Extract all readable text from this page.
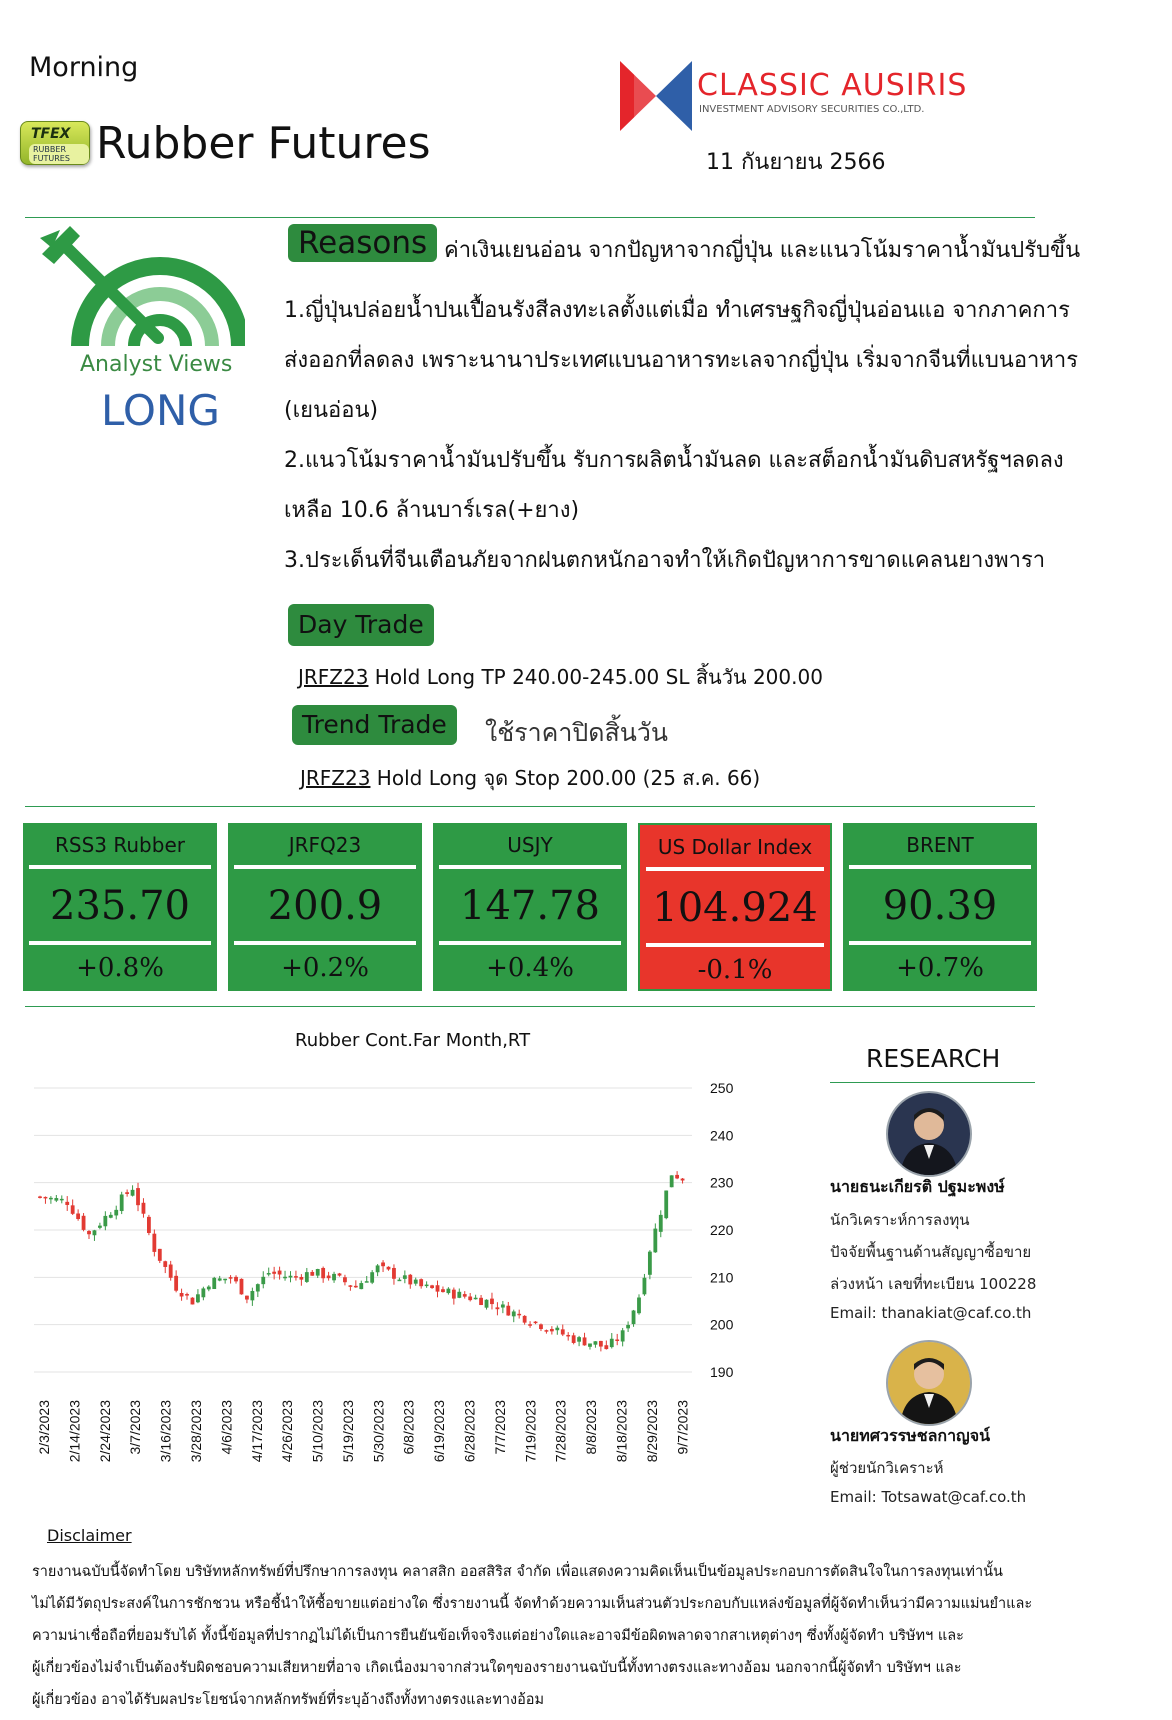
Morning
TFEX
RUBBER FUTURES Rubber Futures
CLASSIC AUSIRIS
INVESTMENT ADVISORY SECURITIES CO.,LTD.
11 กันยายน 2566
Analyst Views
LONG
Reasons ค่าเงินเยนอ่อน จากปัญหาจากญี่ปุ่น และแนวโน้มราคาน้ำมันปรับขึ้น
1.ญี่ปุ่นปล่อยน้ำปนเปื้อนรังสีลงทะเลตั้งแต่เมื่อ ทำเศรษฐกิจญี่ปุ่นอ่อนแอ จากภาคการ
ส่งออกที่ลดลง เพราะนานาประเทศแบนอาหารทะเลจากญี่ปุ่น เริ่มจากจีนที่แบนอาหาร
(เยนอ่อน)
2.แนวโน้มราคาน้ำมันปรับขึ้น รับการผลิตน้ำมันลด และสต็อกน้ำมันดิบสหรัฐฯลดลง
เหลือ 10.6 ล้านบาร์เรล(+ยาง)
3.ประเด็นที่จีนเตือนภัยจากฝนตกหนักอาจทำให้เกิดปัญหาการขาดแคลนยางพารา
Day Trade
JRFZ23 Hold Long TP 240.00-245.00 SL สิ้นวัน 200.00
Trend Trade	ใช้ราคาปิดสิ้นวัน
JRFZ23 Hold Long จุด Stop 200.00 (25 ส.ค. 66)
RSS3 Rubber
235.70
+0.8%
JRFQ23
200.9
+0.2%
USJY
147.78
+0.4%
US Dollar Index
104.924
-0.1%
BRENT
90.39
+0.7%
Rubber Cont.Far Month,RT
250
240
230
220
210
200
190
2/3/2023 2/14/2023 2/24/2023 3/7/2023 3/16/2023 3/28/2023 4/6/2023 4/17/2023 4/26/2023 5/10/2023 5/19/2023 5/30/2023 6/8/2023 6/19/2023 6/28/2023 7/7/2023 7/19/2023 7/28/2023 8/8/2023 8/18/2023 8/29/2023 9/7/2023
RESEARCH
นายธนะเกียรติ ปฐมะพงษ์
นักวิเคราะห์การลงทุน
ปัจจัยพื้นฐานด้านสัญญาซื้อขาย
ล่วงหน้า เลขที่ทะเบียน 100228
Email: thanakiat@caf.co.th
นายทศวรรษชลกาญจน์
ผู้ช่วยนักวิเคราะห์
Email: Totsawat@caf.co.th
Disclaimer
รายงานฉบับนี้จัดทำโดย บริษัทหลักทรัพย์ที่ปรึกษาการลงทุน คลาสสิก ออสสิริส จำกัด เพื่อแสดงความคิดเห็นเป็นข้อมูลประกอบการตัดสินใจในการลงทุนเท่านั้น
ไม่ได้มีวัตถุประสงค์ในการชักชวน หรือชี้นำให้ซื้อขายแต่อย่างใด ซึ่งรายงานนี้ จัดทำด้วยความเห็นส่วนตัวประกอบกับแหล่งข้อมูลที่ผู้จัดทำเห็นว่ามีความแม่นยำและ
ความน่าเชื่อถือที่ยอมรับได้ ทั้งนี้ข้อมูลที่ปรากฏไม่ได้เป็นการยืนยันข้อเท็จจริงแต่อย่างใดและอาจมีข้อผิดพลาดจากสาเหตุต่างๆ ซึ่งทั้งผู้จัดทำ บริษัทฯ และ
ผู้เกี่ยวข้องไม่จำเป็นต้องรับผิดชอบความเสียหายที่อาจ เกิดเนื่องมาจากส่วนใดๆของรายงานฉบับนี้ทั้งทางตรงและทางอ้อม นอกจากนี้ผู้จัดทำ บริษัทฯ และ
ผู้เกี่ยวข้อง อาจได้รับผลประโยชน์จากหลักทรัพย์ที่ระบุอ้างถึงทั้งทางตรงและทางอ้อม
